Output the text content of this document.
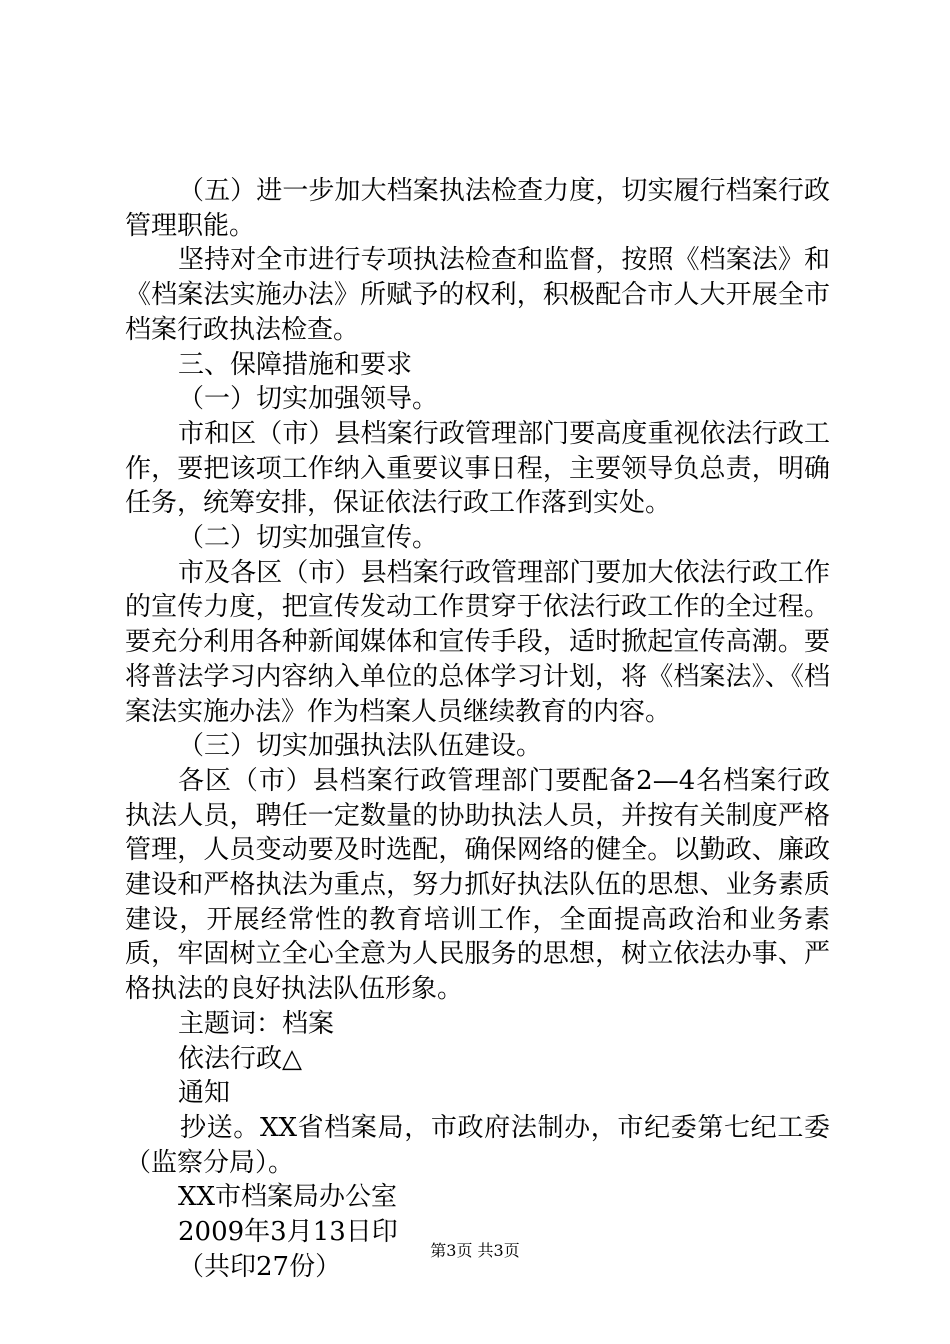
（五）进一步加大档案执法检查力度，切实履行档案行政管理职能。

坚持对全市进行专项执法检查和监督，按照《档案法》和《档案法实施办法》所赋予的权利，积极配合市人大开展全市档案行政执法检查。

三、保障措施和要求

（一）切实加强领导。

市和区（市）县档案行政管理部门要高度重视依法行政工作，要把该项工作纳入重要议事日程，主要领导负总责，明确任务，统筹安排，保证依法行政工作落到实处。

（二）切实加强宣传。

市及各区（市）县档案行政管理部门要加大依法行政工作的宣传力度，把宣传发动工作贯穿于依法行政工作的全过程。要充分利用各种新闻媒体和宣传手段，适时掀起宣传高潮。要将普法学习内容纳入单位的总体学习计划，将《档案法》、《档案法实施办法》作为档案人员继续教育的内容。

（三）切实加强执法队伍建设。

各区（市）县档案行政管理部门要配备2—4名档案行政执法人员，聘任一定数量的协助执法人员，并按有关制度严格管理，人员变动要及时选配，确保网络的健全。以勤政、廉政建设和严格执法为重点，努力抓好执法队伍的思想、业务素质建设，开展经常性的教育培训工作，全面提高政治和业务素质，牢固树立全心全意为人民服务的思想，树立依法办事、严格执法的良好执法队伍形象。

主题词：档案

依法行政△

通知

抄送。XX省档案局，市政府法制办，市纪委第七纪工委（监察分局）。

XX市档案局办公室

2009年3月13日印

（共印27份）

第3页 共3页
